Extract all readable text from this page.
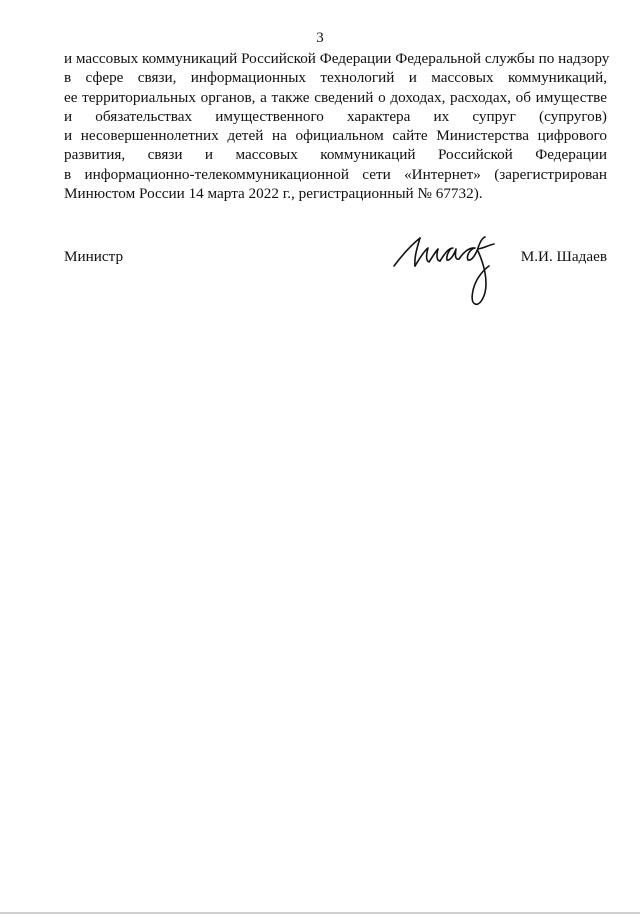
3
и массовых коммуникаций Российской Федерации Федеральной службы по надзору
в сфере связи, информационных технологий и массовых коммуникаций,
ее территориальных органов, а также сведений о доходах, расходах, об имуществе
и обязательствах имущественного характера их супруг (супругов)
и несовершеннолетних детей на официальном сайте Министерства цифрового
развития, связи и массовых коммуникаций Российской Федерации
в информационно-телекоммуникационной сети «Интернет» (зарегистрирован
Минюстом России 14 марта 2022 г., регистрационный № 67732).
Министр	М.И. Шадаев
